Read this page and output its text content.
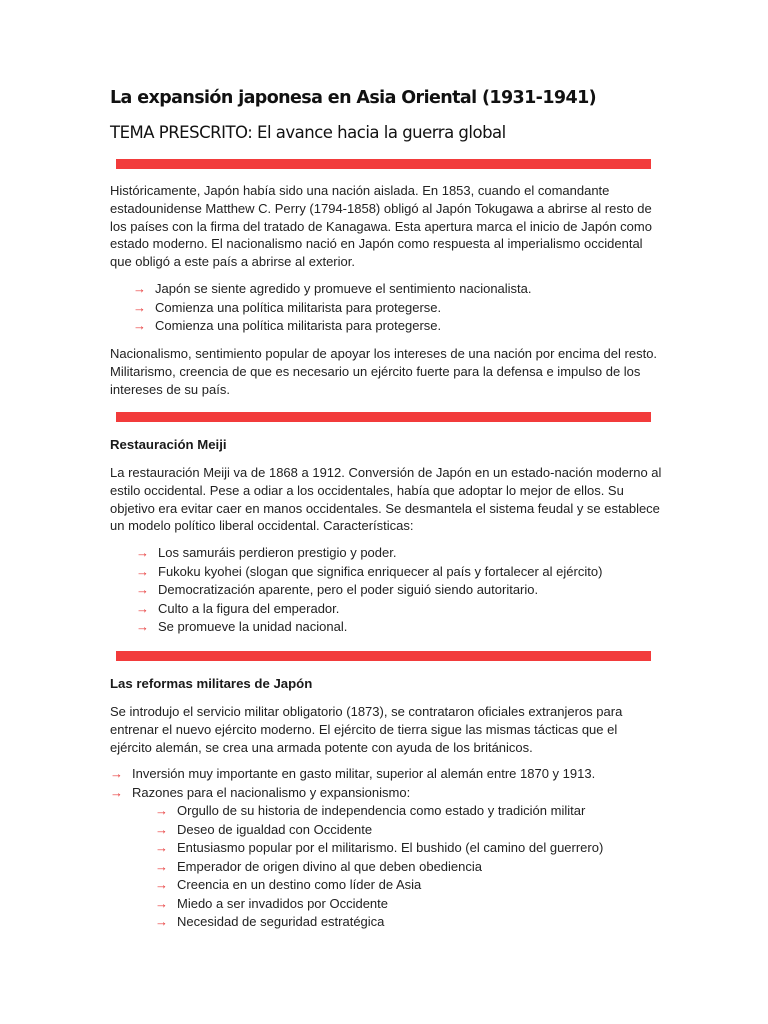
La expansión japonesa en Asia Oriental (1931-1941)
TEMA PRESCRITO: El avance hacia la guerra global

Históricamente, Japón había sido una nación aislada. En 1853, cuando el comandante estadounidense Matthew C. Perry (1794-1858) obligó al Japón Tokugawa a abrirse al resto de los países con la firma del tratado de Kanagawa. Esta apertura marca el inicio de Japón como estado moderno. El nacionalismo nació en Japón como respuesta al imperialismo occidental que obligó a este país a abrirse al exterior.

→ Japón se siente agredido y promueve el sentimiento nacionalista.
→ Comienza una política militarista para protegerse.
→ Comienza una política militarista para protegerse.

Nacionalismo, sentimiento popular de apoyar los intereses de una nación por encima del resto. Militarismo, creencia de que es necesario un ejército fuerte para la defensa e impulso de los intereses de su país.

Restauración Meiji

La restauración Meiji va de 1868 a 1912. Conversión de Japón en un estado-nación moderno al estilo occidental. Pese a odiar a los occidentales, había que adoptar lo mejor de ellos. Su objetivo era evitar caer en manos occidentales. Se desmantela el sistema feudal y se establece un modelo político liberal occidental. Características:

→ Los samuráis perdieron prestigio y poder.
→ Fukoku kyohei (slogan que significa enriquecer al país y fortalecer al ejército)
→ Democratización aparente, pero el poder siguió siendo autoritario.
→ Culto a la figura del emperador.
→ Se promueve la unidad nacional.
Las reformas militares de Japón

Se introdujo el servicio militar obligatorio (1873), se contrataron oficiales extranjeros para entrenar el nuevo ejército moderno. El ejército de tierra sigue las mismas tácticas que el ejército alemán, se crea una armada potente con ayuda de los británicos.

→ Inversión muy importante en gasto militar, superior al alemán entre 1870 y 1913.
→ Razones para el nacionalismo y expansionismo:
→ Orgullo de su historia de independencia como estado y tradición militar
→ Deseo de igualdad con Occidente
→ Entusiasmo popular por el militarismo. El bushido (el camino del guerrero)
→ Emperador de origen divino al que deben obediencia
→ Creencia en un destino como líder de Asia
→ Miedo a ser invadidos por Occidente
→ Necesidad de seguridad estratégica
